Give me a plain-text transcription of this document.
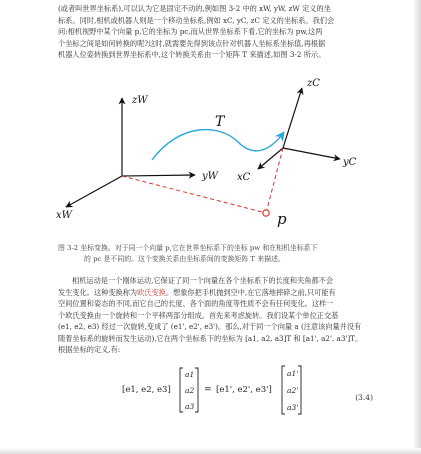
(或者叫世界坐标系),可以认为它是固定不动的,例如图 3-2 中的 xW, yW, zW 定义的坐
标系。同时,相机或机器人则是一个移动坐标系,例如 xC, yC, zC 定义的坐标系。我们会
问:相机视野中某个向量 p,它的坐标为 pc,而从世界坐标系下看,它的坐标为 pw,这两
个坐标之间是如何转换的呢?这时,就需要先得到该点针对机器人坐标系坐标值,再根据
机器人位姿转换到世界坐标系中,这个转换关系由一个矩阵 T 来描述,如图 3-2 所示。
zW
yW
xW
zC
yC
xC
T
p
图 3-2 坐标变换。对于同一个向量 p,它在世界坐标系下的坐标 pw 和在相机坐标系下
的 pc 是不同的。这个变换关系由坐标系间的变换矩阵 T 来描述。
相机运动是一个刚体运动,它保证了同一个向量在各个坐标系下的长度和夹角都不会
发生变化。这种变换称为欧氏变换。想象你把手机抛到空中,在它落地摔碎之前,只可能有
空间位置和姿态的不同,而它自己的长度、各个面的角度等性质不会有任何变化。这样一
个欧氏变换由一个旋转和一个平移两部分组成。首先来考虑旋转。我们设某个单位正交基
(e1, e2, e3) 经过一次旋转,变成了 (e1', e2', e3')。那么,对于同一个向量 a (注意该向量并没有
随着坐标系的旋转而发生运动),它在两个坐标系下的坐标为 [a1, a2, a3]T 和 [a1', a2', a3']T。
根据坐标的定义,有:
[e1, e2, e3]
a1
a2
a3
= [e1', e2', e3']
a1'
a2'
a3'
(3.4)
